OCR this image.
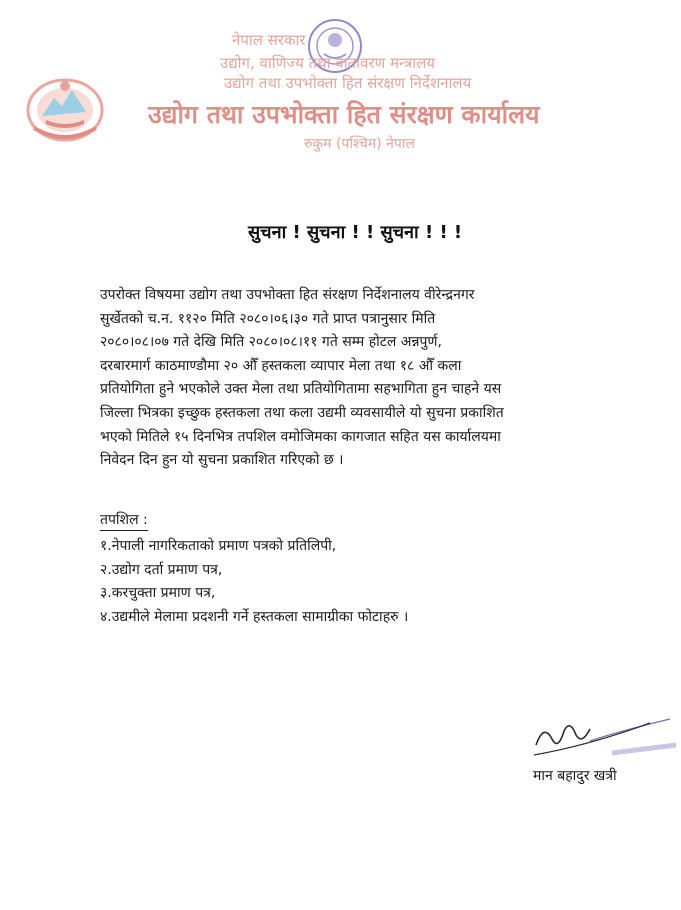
नेपाल सरकार
उद्योग, वाणिज्य तथा वातावरण मन्त्रालय
उद्योग तथा उपभोक्ता हित संरक्षण निर्देशनालय
उद्योग तथा उपभोक्ता हित संरक्षण कार्यालय
रुकुम (पश्चिम) नेपाल
सुचना ! सुचना ! ! सुचना ! ! !
उपरोक्त विषयमा उद्योग तथा उपभोक्ता हित संरक्षण निर्देशनालय वीरेन्द्रनगर
सुर्खेतको च.न. ११२० मिति २०८०।०६।३० गते प्राप्त पत्रानुसार मिति
२०८०।०८।०७ गते देखि मिति २०८०।०८।११ गते सम्म होटल अन्नपुर्ण,
दरबारमार्ग काठमाण्डौमा २० औँ हस्तकला व्यापार मेला तथा १८ औँ कला
प्रतियोगिता हुने भएकोले उक्त मेला तथा प्रतियोगितामा सहभागिता हुन चाहने यस
जिल्ला भित्रका इच्छुक हस्तकला तथा कला उद्यमी व्यवसायीले यो सुचना प्रकाशित
भएको मितिले १५ दिनभित्र तपशिल वमोजिमका कागजात सहित यस कार्यालयमा
निवेदन दिन हुन यो सुचना प्रकाशित गरिएको छ ।
तपशिल :
१.नेपाली नागरिकताको प्रमाण पत्रको प्रतिलिपी,
२.उद्योग दर्ता प्रमाण पत्र,
३.करचुक्ता प्रमाण पत्र,
४.उद्यमीले मेलामा प्रदशनी गर्ने हस्तकला सामाग्रीका फोटाहरु ।
मान बहादुर खत्री
